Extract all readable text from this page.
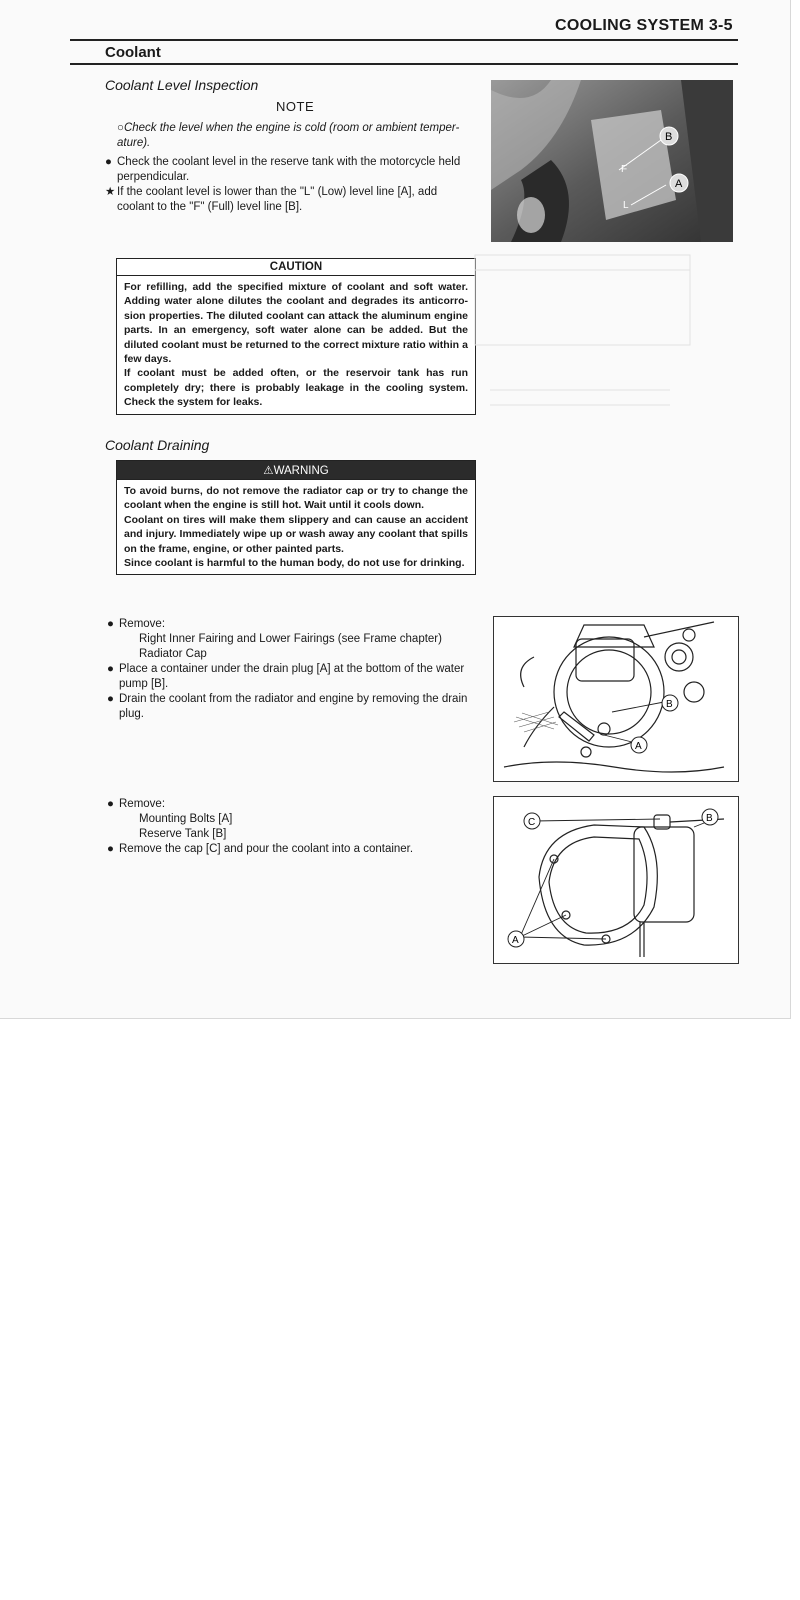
COOLING SYSTEM 3-5
Coolant
Coolant Level Inspection
NOTE
○Check the level when the engine is cold (room or ambient temper-ature).
● Check the coolant level in the reserve tank with the motorcycle held perpendicular.
★ If the coolant level is lower than the "L" (Low) level line [A], add coolant to the "F" (Full) level line [B].
B
F
A
L
CAUTION

For refilling, add the specified mixture of coolant and soft water. Adding water alone dilutes the coolant and degrades its anticorro-sion properties. The diluted coolant can attack the aluminum engine parts. In an emergency, soft water alone can be added. But the diluted coolant must be returned to the correct mixture ratio within a few days.

If coolant must be added often, or the reservoir tank has run completely dry; there is probably leakage in the cooling system. Check the system for leaks.

Coolant Draining
⚠WARNING

To avoid burns, do not remove the radiator cap or try to change the coolant when the engine is still hot. Wait until it cools down.

Coolant on tires will make them slippery and can cause an accident and injury. Immediately wipe up or wash away any coolant that spills on the frame, engine, or other painted parts.

Since coolant is harmful to the human body, do not use for drinking.

● Remove:
Right Inner Fairing and Lower Fairings (see Frame chapter)
Radiator Cap
● Place a container under the drain plug [A] at the bottom of the water pump [B].
● Drain the coolant from the radiator and engine by removing the drain plug.
B
A
● Remove:
Mounting Bolts [A]
Reserve Tank [B]
● Remove the cap [C] and pour the coolant into a container.
C	B
A
